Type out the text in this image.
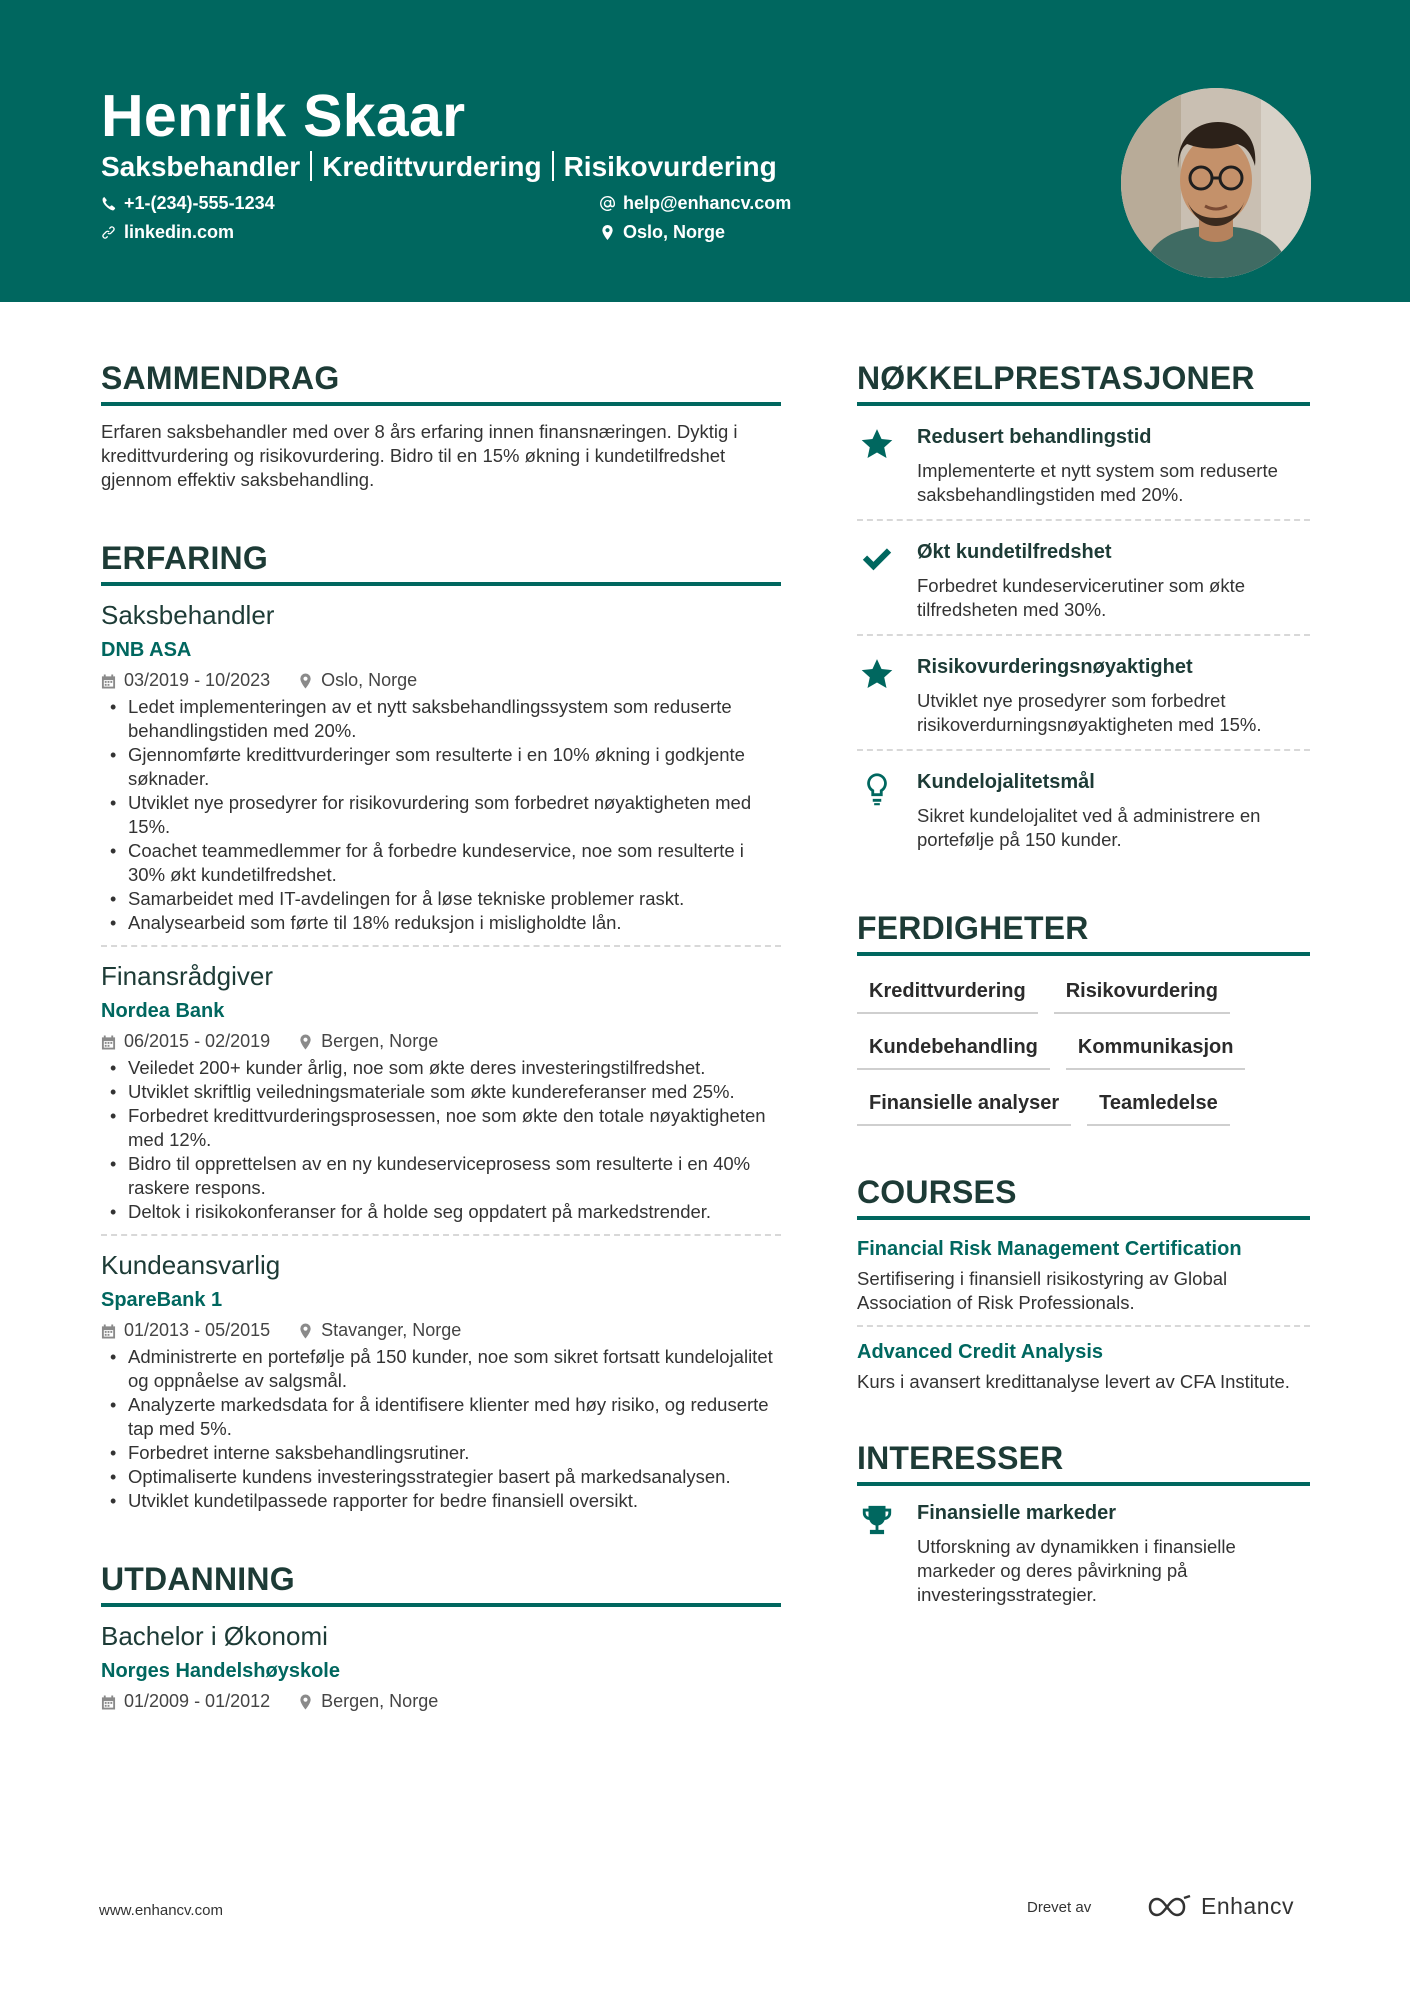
Henrik Skaar
Saksbehandler Kredittvurdering Risikovurdering
+1-(234)-555-1234	help@enhancv.com
linkedin.com	Oslo, Norge
SAMMENDRAG
Erfaren saksbehandler med over 8 års erfaring innen finansnæringen. Dyktig i kredittvurdering og risikovurdering. Bidro til en 15% økning i kundetilfredshet gjennom effektiv saksbehandling.
ERFARING
Saksbehandler
DNB ASA
03/2019 - 10/2023	Oslo, Norge
• Ledet implementeringen av et nytt saksbehandlingssystem som reduserte behandlingstiden med 20%.
• Gjennomførte kredittvurderinger som resulterte i en 10% økning i godkjente søknader.
• Utviklet nye prosedyrer for risikovurdering som forbedret nøyaktigheten med 15%.
• Coachet teammedlemmer for å forbedre kundeservice, noe som resulterte i 30% økt kundetilfredshet.
• Samarbeidet med IT-avdelingen for å løse tekniske problemer raskt.
• Analysearbeid som førte til 18% reduksjon i misligholdte lån.
Finansrådgiver
Nordea Bank
06/2015 - 02/2019	Bergen, Norge
• Veiledet 200+ kunder årlig, noe som økte deres investeringstilfredshet.
• Utviklet skriftlig veiledningsmateriale som økte kundereferanser med 25%.
• Forbedret kredittvurderingsprosessen, noe som økte den totale nøyaktigheten med 12%.
• Bidro til opprettelsen av en ny kundeserviceprosess som resulterte i en 40% raskere respons.
• Deltok i risikokonferanser for å holde seg oppdatert på markedstrender.
Kundeansvarlig
SpareBank 1
01/2013 - 05/2015	Stavanger, Norge
• Administrerte en portefølje på 150 kunder, noe som sikret fortsatt kundelojalitet og oppnåelse av salgsmål.
• Analyzerte markedsdata for å identifisere klienter med høy risiko, og reduserte tap med 5%.
• Forbedret interne saksbehandlingsrutiner.
• Optimaliserte kundens investeringsstrategier basert på markedsanalysen.
• Utviklet kundetilpassede rapporter for bedre finansiell oversikt.
UTDANNING
Bachelor i Økonomi
Norges Handelshøyskole
01/2009 - 01/2012	Bergen, Norge
NØKKELPRESTASJONER
Redusert behandlingstid
Implementerte et nytt system som reduserte saksbehandlingstiden med 20%.
Økt kundetilfredshet
Forbedret kundeservicerutiner som økte tilfredsheten med 30%.
Risikovurderingsnøyaktighet
Utviklet nye prosedyrer som forbedret risikoverdurningsnøyaktigheten med 15%.
Kundelojalitetsmål
Sikret kundelojalitet ved å administrere en portefølje på 150 kunder.
FERDIGHETER
Kredittvurdering	Risikovurdering
Kundebehandling	Kommunikasjon
Finansielle analyser	Teamledelse
COURSES
Financial Risk Management Certification
Sertifisering i finansiell risikostyring av Global Association of Risk Professionals.
Advanced Credit Analysis
Kurs i avansert kredittanalyse levert av CFA Institute.
INTERESSER
Finansielle markeder
Utforskning av dynamikken i finansielle markeder og deres påvirkning på investeringsstrategier.
www.enhancv.com	Drevet av	Enhancv
